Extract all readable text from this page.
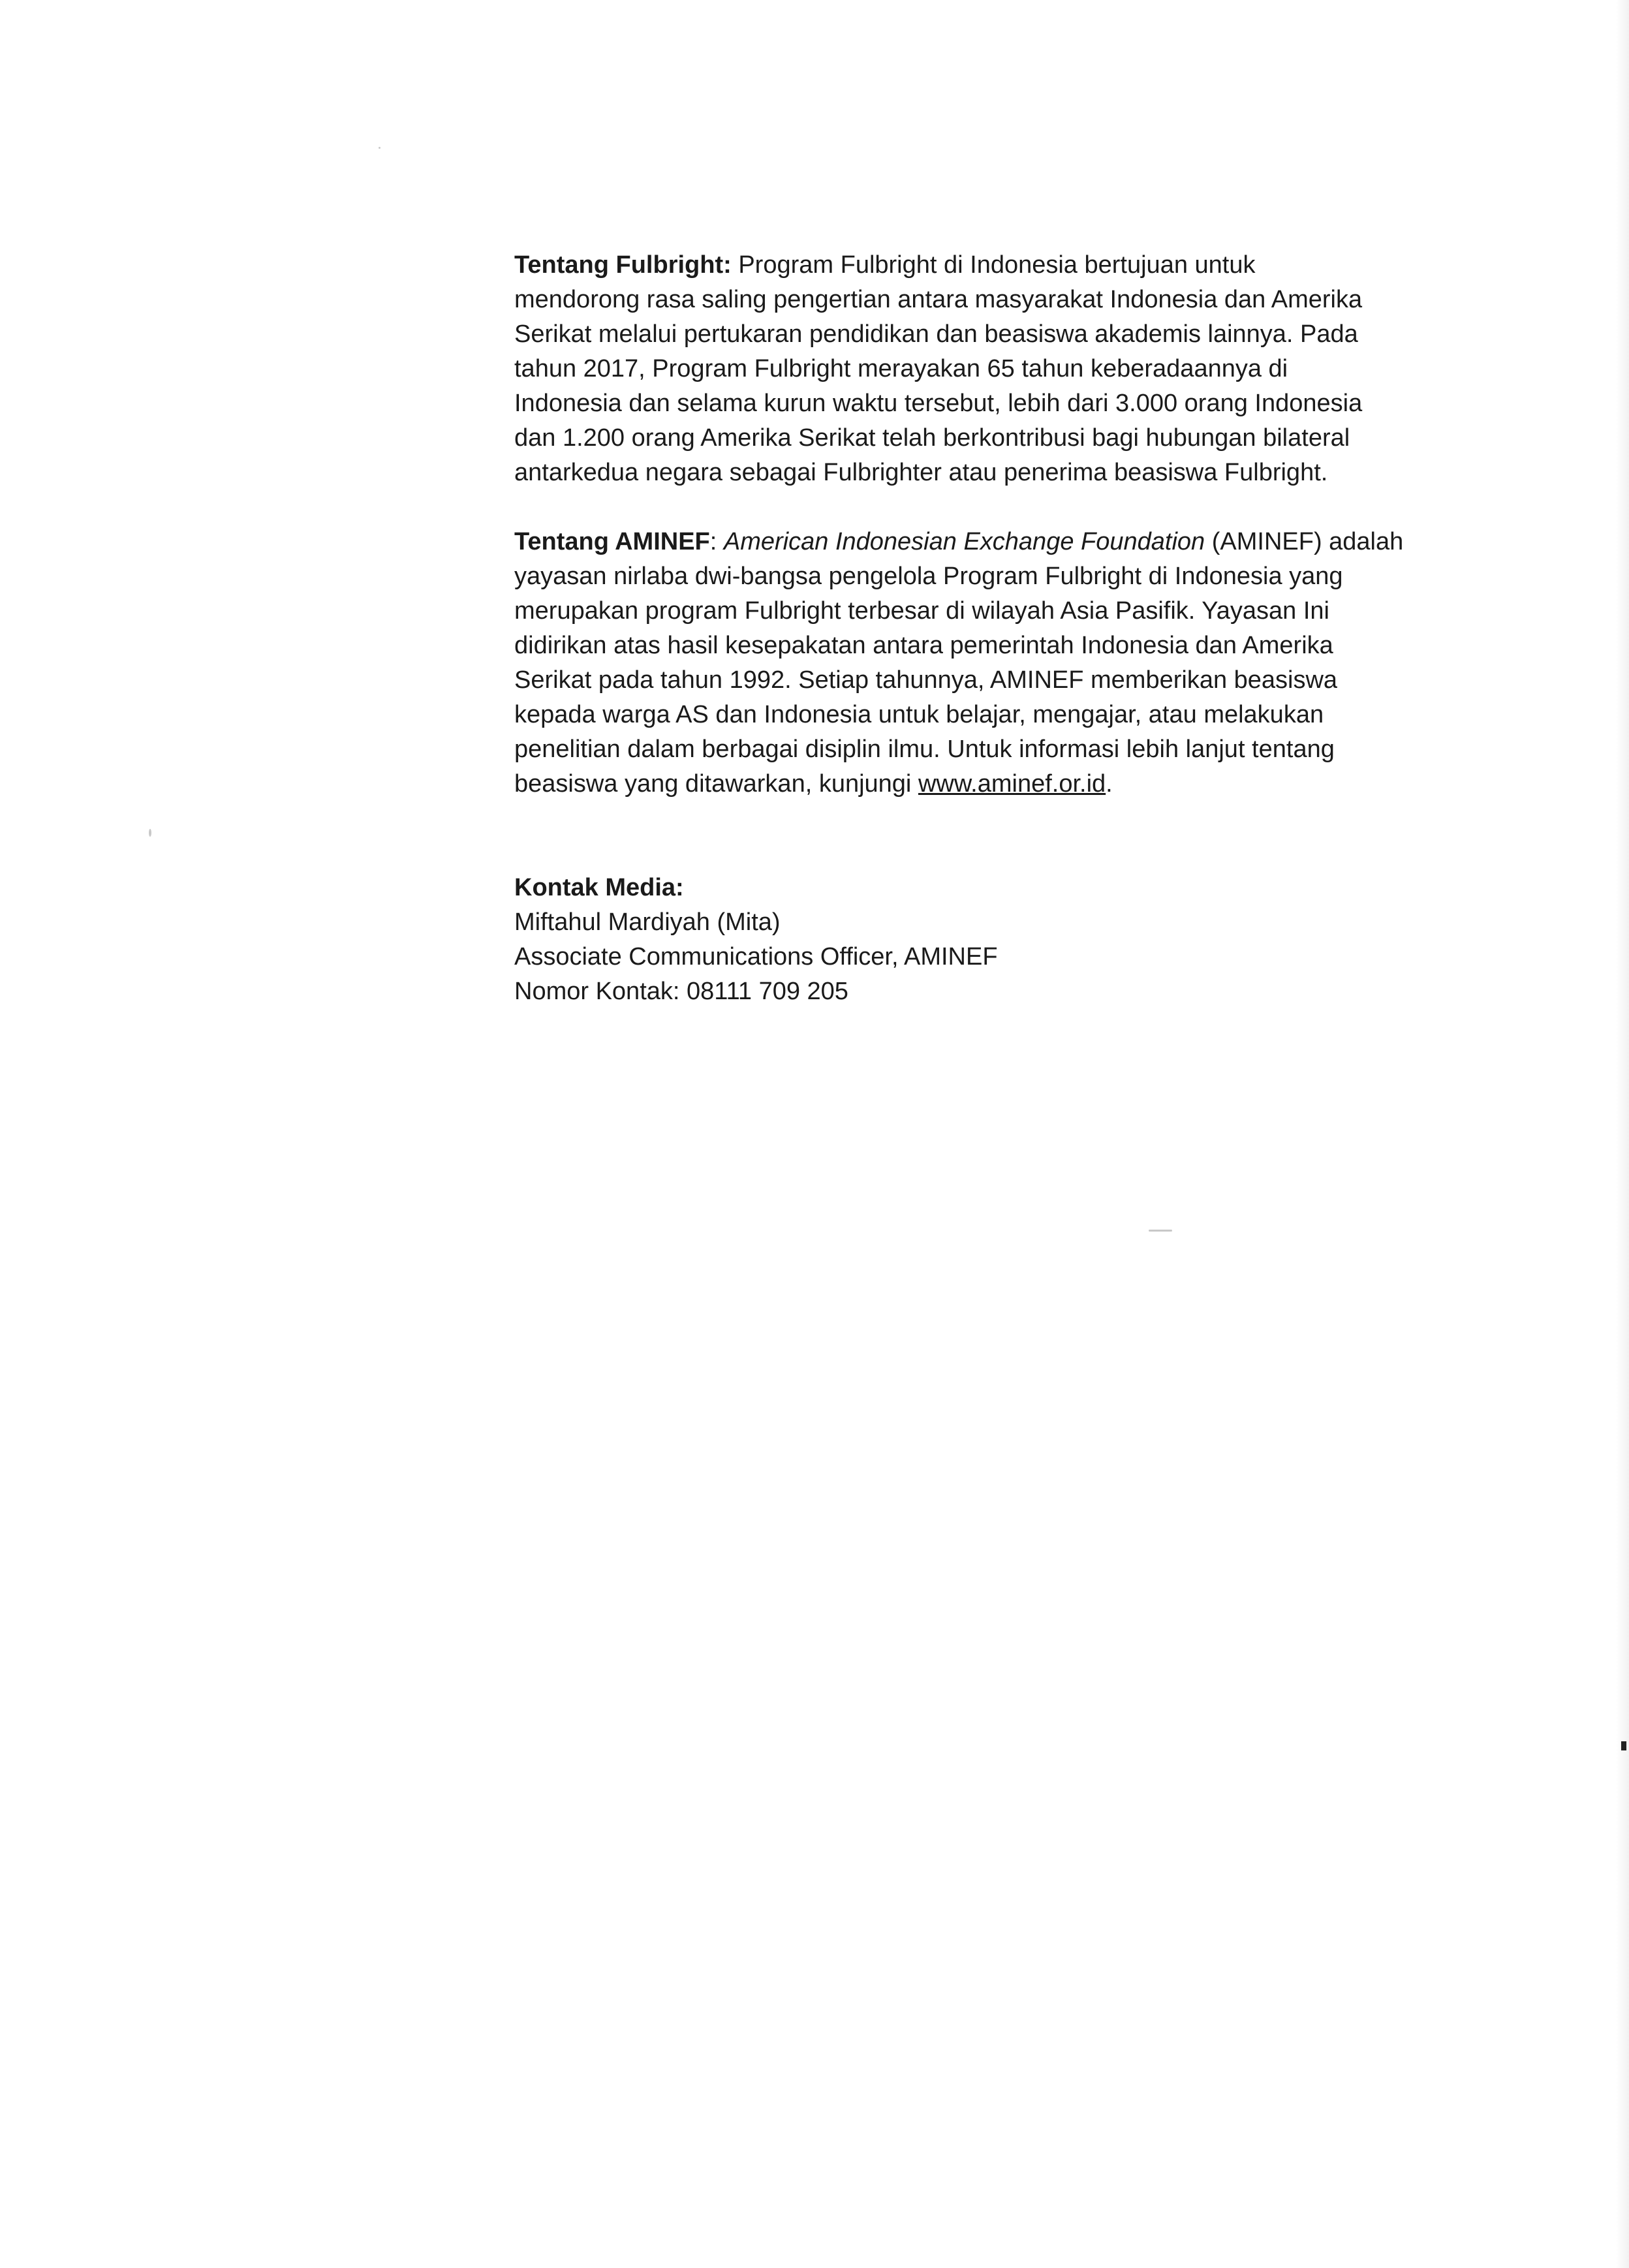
Tentang Fulbright: Program Fulbright di Indonesia bertujuan untuk mendorong rasa saling pengertian antara masyarakat Indonesia dan Amerika Serikat melalui pertukaran pendidikan dan beasiswa akademis lainnya. Pada tahun 2017, Program Fulbright merayakan 65 tahun keberadaannya di Indonesia dan selama kurun waktu tersebut, lebih dari 3.000 orang Indonesia dan 1.200 orang Amerika Serikat telah berkontribusi bagi hubungan bilateral antarkedua negara sebagai Fulbrighter atau penerima beasiswa Fulbright.

Tentang AMINEF: American Indonesian Exchange Foundation (AMINEF) adalah yayasan nirlaba dwi-bangsa pengelola Program Fulbright di Indonesia yang merupakan program Fulbright terbesar di wilayah Asia Pasifik. Yayasan Ini didirikan atas hasil kesepakatan antara pemerintah Indonesia dan Amerika Serikat pada tahun 1992. Setiap tahunnya, AMINEF memberikan beasiswa kepada warga AS dan Indonesia untuk belajar, mengajar, atau melakukan penelitian dalam berbagai disiplin ilmu. Untuk informasi lebih lanjut tentang beasiswa yang ditawarkan, kunjungi www.aminef.or.id.

Kontak Media:
Miftahul Mardiyah (Mita)
Associate Communications Officer, AMINEF
Nomor Kontak: 08111 709 205
